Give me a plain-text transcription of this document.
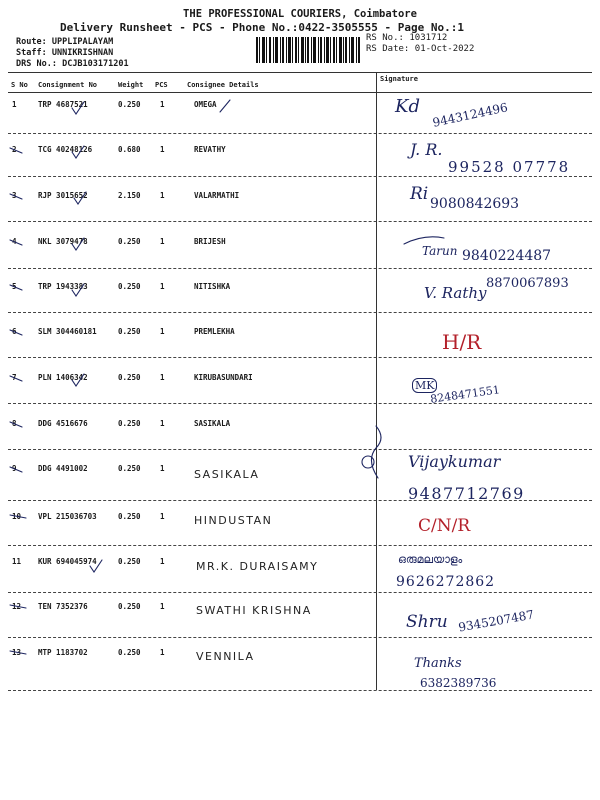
THE PROFESSIONAL COURIERS, Coimbatore
Delivery Runsheet - PCS - Phone No.:0422-3505555 - Page No.:1
Route: UPPLIPALAYAM
Staff: UNNIKRISHNAN
DRS No.: DCJB103171201
RS No.: 1031712
RS Date: 01-Oct-2022
S No Consignment No	Weight PCS	Consignee Details
Signature
1	TRP 4687521	0.250	1	OMEGA	Kd 9443124496
2	TCG 40248126	0.680	1	REVATHY	J. R.
99528 07778
3	RJP 3015652	2.150	1	VALARMATHI	Ri 9080842693
4	NKL 3079478	0.250	1	BRIJESH
Tarun 9840224487
5	TRP 1943383	0.250	1	NITISHKA	V. Rathy
8870067893
6	SLM 304460181	0.250	1	PREMLEKHA	H/R
7	PLN 1406342	0.250	1	KIRUBASUNDARI
MK
8248471551
8	DDG 4516676	0.250	1	SASIKALA
9	DDG 4491002	0.250	1	SASIKALA
Vijaykumar
9487712769
10 VPL 215036703	0.250	1	HINDUSTAN	C/N/R
11 KUR 694045974	0.250	1	MR.K. DURAISAMY
ഒരുമലയാളം
9626272862
12 TEN 7352376	0.250	1	SWATHI KRISHNA
Shru 9345207487
13 MTP 1183702	0.250	1	VENNILA	Thanks
6382389736
